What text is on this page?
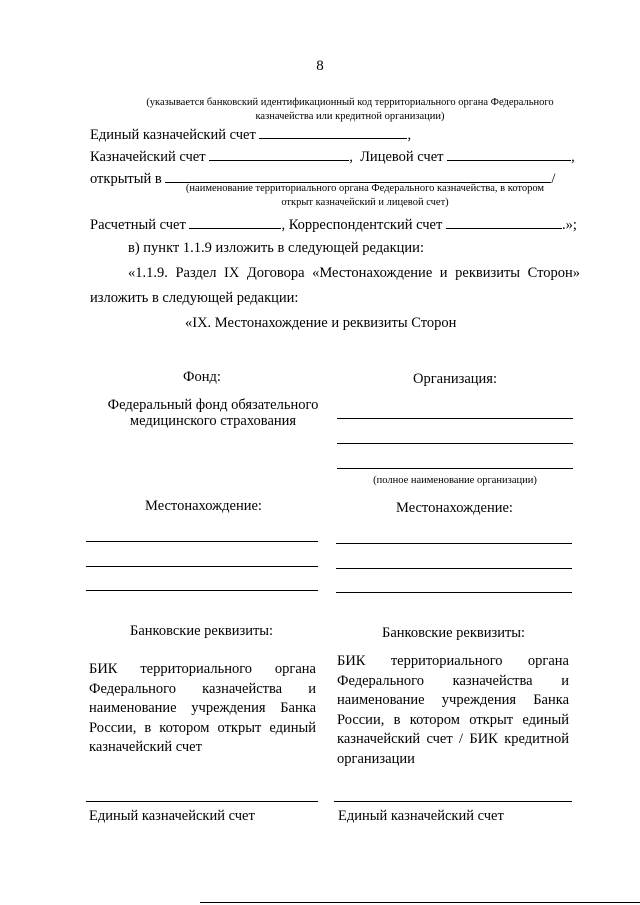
8
(указывается банковский идентификационный код территориального органа Федерального
казначейства или кредитной организации)
Единый казначейский счет	,
Казначейский счет	, Лицевой счет	,
открытый в	/
(наименование территориального органа Федерального казначейства, в котором
открыт казначейский и лицевой счет)
Расчетный счет	, Корреспондентский счет	.»;
в) пункт 1.1.9 изложить в следующей редакции:
«1.1.9. Раздел IX Договора «Местонахождение и реквизиты Сторон»
изложить в следующей редакции:
«IX. Местонахождение и реквизиты Сторон
Фонд:
Федеральный фонд обязательного
медицинского страхования
Местонахождение:
Банковские реквизиты:
БИК территориального органа Федерального казначейства и наименование учреждения Банка России, в котором открыт единый казначейский счет
Единый казначейский счет
Организация:
(полное наименование организации)
Местонахождение:
Банковские реквизиты:
БИК территориального органа Федерального казначейства и наименование учреждения Банка России, в котором открыт единый казначейский счет / БИК кредитной организации
Единый казначейский счет
